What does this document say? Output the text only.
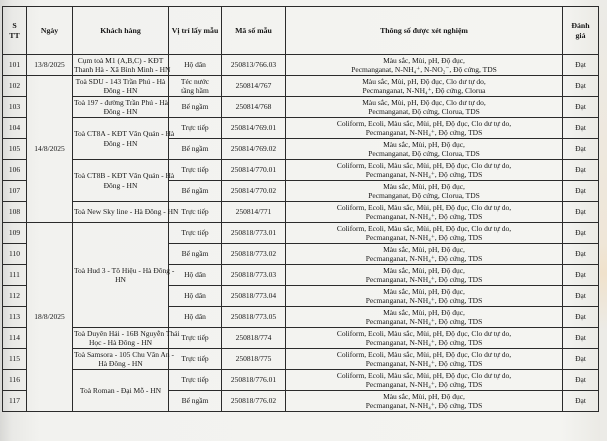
S
TT	Ngày	Khách hàng	Vị trí lấy mẫu	Mã số mẫu	Thông số được xét nghiệm	Đánh
giá

101	13/8/2025	Cụm toà M1 (A,B,C) - KĐT
Thanh Hà - Xã Bình Minh - HN	Hộ dân	250813/766.03	Màu sắc, Mùi, pH, Độ đục,
Pecmanganat, N-NH₄⁺, N-NO₂⁻, Độ cứng, TDS	Đạt
102	14/8/2025	Toà SDU - 143 Trần Phú - Hà
Đông - HN	Téc nước
tầng hầm	250814/767	Màu sắc, Mùi, pH, Độ đục, Clo dư tự do,
Pecmanganat, N-NH₄⁺, Độ cứng, Clorua	Đạt
103		Toà 197 - đường Trần Phú - Hà
Đông - HN	Bể ngầm	250814/768	Màu sắc, Mùi, pH, Độ đục, Clo dư tự do,
Pecmanganat, Độ cứng, Clorua, TDS	Đạt
104		Toà CT8A - KĐT Văn Quán - Hà
Đông - HN	Trực tiếp	250814/769.01	Coliform, Ecoli, Màu sắc, Mùi, pH, Độ đục, Clo dư tự do,
Pecmanganat, N-NH₄⁺, Độ cứng, TDS	Đạt
105			Bể ngầm	250814/769.02	Màu sắc, Mùi, pH, Độ đục,
Pecmanganat, Độ cứng, Clorua, TDS	Đạt
106		Toà CT8B - KĐT Văn Quán - Hà
Đông - HN	Trực tiếp	250814/770.01	Coliform, Ecoli, Màu sắc, Mùi, pH, Độ đục, Clo dư tự do,
Pecmanganat, N-NH₄⁺, Độ cứng, TDS	Đạt
107			Bể ngầm	250814/770.02	Màu sắc, Mùi, pH, Độ đục,
Pecmanganat, Độ cứng, Clorua, TDS	Đạt
108		Toà New Sky line - Hà Đông - HN	Trực tiếp	250814/771	Coliform, Ecoli, Màu sắc, Mùi, pH, Độ đục, Clo dư tự do,
Pecmanganat, N-NH₄⁺, Độ cứng, TDS	Đạt
109	18/8/2025	Toà Hud 3 - Tô Hiệu - Hà Đông -
HN	Trực tiếp	250818/773.01	Coliform, Ecoli, Màu sắc, Mùi, pH, Độ đục, Clo dư tự do,
Pecmanganat, N-NH₄⁺, Độ cứng, TDS	Đạt
110			Bể ngầm	250818/773.02	Màu sắc, Mùi, pH, Độ đục,
Pecmanganat, N-NH₄⁺, Độ cứng, TDS	Đạt
111			Hộ dân	250818/773.03	Màu sắc, Mùi, pH, Độ đục,
Pecmanganat, N-NH₄⁺, Độ cứng, TDS	Đạt
112			Hộ dân	250818/773.04	Màu sắc, Mùi, pH, Độ đục,
Pecmanganat, N-NH₄⁺, Độ cứng, TDS	Đạt
113			Hộ dân	250818/773.05	Màu sắc, Mùi, pH, Độ đục,
Pecmanganat, N-NH₄⁺, Độ cứng, TDS	Đạt
114		Toà Duyên Hải - 16B Nguyễn Thái
Học - Hà Đông - HN	Trực tiếp	250818/774	Coliform, Ecoli, Màu sắc, Mùi, pH, Độ đục, Clo dư tự do,
Pecmanganat, N-NH₄⁺, Độ cứng, TDS	Đạt
115		Toà Samsora - 105 Chu Văn An -
Hà Đông - HN	Trực tiếp	250818/775	Coliform, Ecoli, Màu sắc, Mùi, pH, Độ đục, Clo dư tự do,
Pecmanganat, N-NH₄⁺, Độ cứng, TDS	Đạt
116		Toà Roman - Đại Mỗ - HN	Trực tiếp	250818/776.01	Coliform, Ecoli, Màu sắc, Mùi, pH, Độ đục, Clo dư tự do,
Pecmanganat, N-NH₄⁺, Độ cứng, TDS	Đạt
117			Bể ngầm	250818/776.02	Màu sắc, Mùi, pH, Độ đục,
Pecmanganat, N-NH₄⁺, Độ cứng, TDS	Đạt
